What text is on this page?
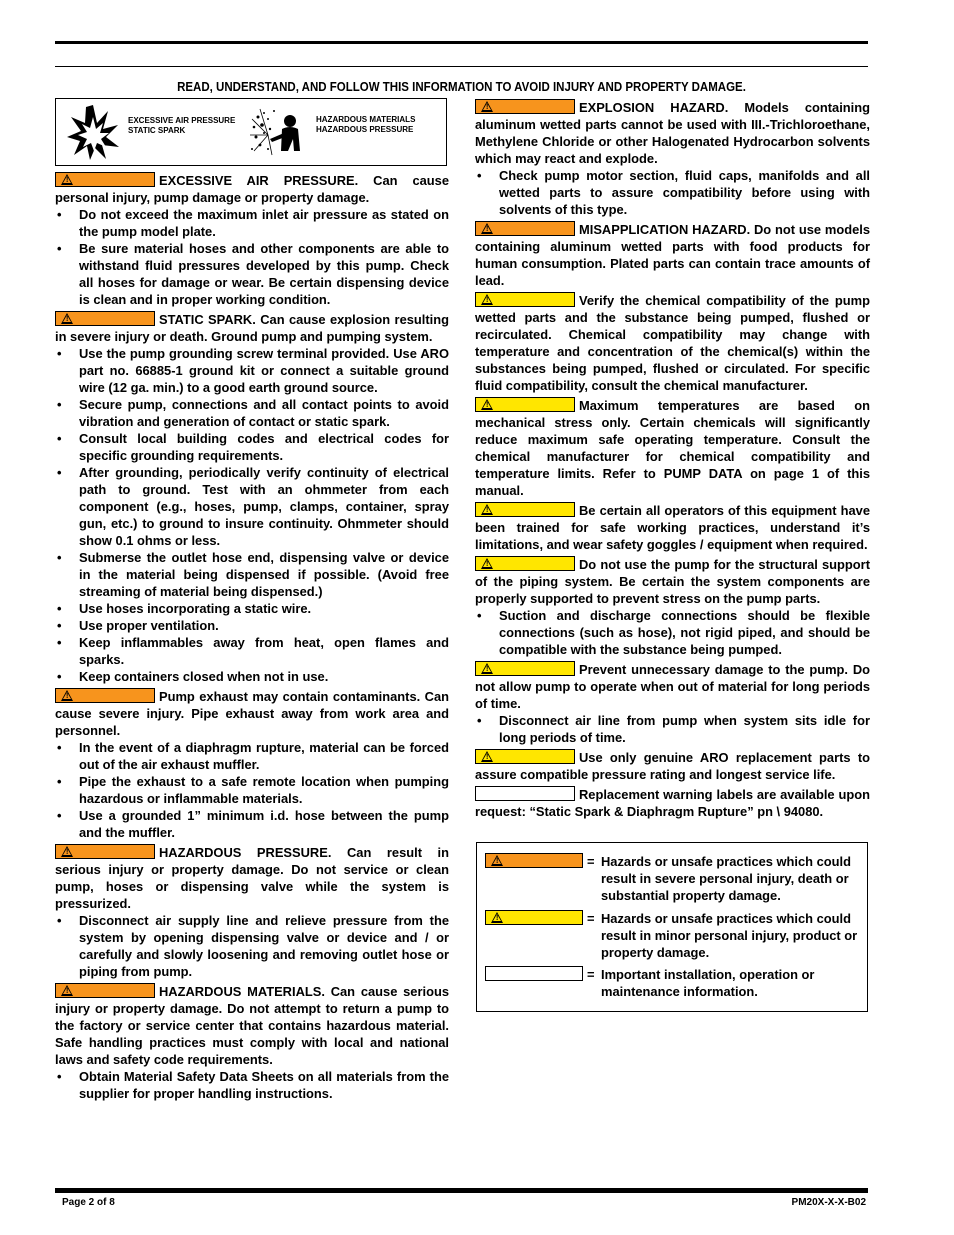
READ, UNDERSTAND, AND FOLLOW THIS INFORMATION TO AVOID INJURY AND PROPERTY DAMAGE.
EXCESSIVE AIR PRESSURE
STATIC SPARK
HAZARDOUS MATERIALS
HAZARDOUS PRESSURE
!	EXCESSIVE AIR PRESSURE. Can cause personal injury, pump damage or property damage.
• Do not exceed the maximum inlet air pressure as stated on the pump model plate.
• Be sure material hoses and other components are able to withstand fluid pressures developed by this pump. Check all hoses for damage or wear. Be certain dispensing device is clean and in proper working condition.
!	STATIC SPARK. Can cause explosion resulting in severe injury or death. Ground pump and pumping system.
• Use the pump grounding screw terminal provided. Use ARO part no. 66885-1 ground kit or connect a suitable ground wire (12 ga. min.) to a good earth ground source.
• Secure pump, connections and all contact points to avoid vibration and generation of contact or static spark.
• Consult local building codes and electrical codes for specific grounding requirements.
• After grounding, periodically verify continuity of electrical path to ground. Test with an ohmmeter from each component (e.g., hoses, pump, clamps, container, spray gun, etc.) to ground to insure continuity. Ohmmeter should show 0.1 ohms or less.
• Submerse the outlet hose end, dispensing valve or device in the material being dispensed if possible. (Avoid free streaming of material being dispensed.)
• Use hoses incorporating a static wire.
• Use proper ventilation.
• Keep inflammables away from heat, open flames and sparks.
• Keep containers closed when not in use.
!	Pump exhaust may contain contaminants. Can cause severe injury. Pipe exhaust away from work area and personnel.
• In the event of a diaphragm rupture, material can be forced out of the air exhaust muffler.
• Pipe the exhaust to a safe remote location when pumping hazardous or inflammable materials.
• Use a grounded 1” minimum i.d. hose between the pump and the muffler.
!	HAZARDOUS PRESSURE. Can result in serious injury or property damage. Do not service or clean pump, hoses or dispensing valve while the system is pressurized.
• Disconnect air supply line and relieve pressure from the system by opening dispensing valve or device and / or carefully and slowly loosening and removing outlet hose or piping from pump.
!	HAZARDOUS MATERIALS. Can cause serious injury or property damage. Do not attempt to return a pump to the factory or service center that contains hazardous material. Safe handling practices must comply with local and national laws and safety code requirements.
• Obtain Material Safety Data Sheets on all materials from the supplier for proper handling instructions.
!	EXPLOSION HAZARD. Models containing aluminum wetted parts cannot be used with III.-Trichloroethane, Methylene Chloride or other Halogenated Hydrocarbon solvents which may react and explode.
• Check pump motor section, fluid caps, manifolds and all wetted parts to assure compatibility before using with solvents of this type.
!	MISAPPLICATION HAZARD. Do not use models containing aluminum wetted parts with food products for human consumption. Plated parts can contain trace amounts of lead.
!	Verify the chemical compatibility of the pump wetted parts and the substance being pumped, flushed or recirculated. Chemical compatibility may change with temperature and concentration of the chemical(s) within the substances being pumped, flushed or circulated. For specific fluid compatibility, consult the chemical manufacturer.
!	Maximum temperatures are based on mechanical stress only. Certain chemicals will significantly reduce maximum safe operating temperature. Consult the chemical manufacturer for chemical compatibility and temperature limits. Refer to PUMP DATA on page 1 of this manual.
!	Be certain all operators of this equipment have been trained for safe working practices, understand it’s limitations, and wear safety goggles / equipment when required.
!	Do not use the pump for the structural support of the piping system. Be certain the system components are properly supported to prevent stress on the pump parts.
• Suction and discharge connections should be flexible connections (such as hose), not rigid piped, and should be compatible with the substance being pumped.
!	Prevent unnecessary damage to the pump. Do not allow pump to operate when out of material for long periods of time.
• Disconnect air line from pump when system sits idle for long periods of time.
!	Use only genuine ARO replacement parts to assure compatible pressure rating and longest service life.
Replacement warning labels are available upon request: “Static Spark & Diaphragm Rupture” pn \ 94080.
!	= Hazards or unsafe practices which could result in severe personal injury, death or substantial property damage.
!	= Hazards or unsafe practices which could result in minor personal injury, product or property damage.
= Important installation, operation or maintenance information.
Page 2 of 8	PM20X-X-X-B02
